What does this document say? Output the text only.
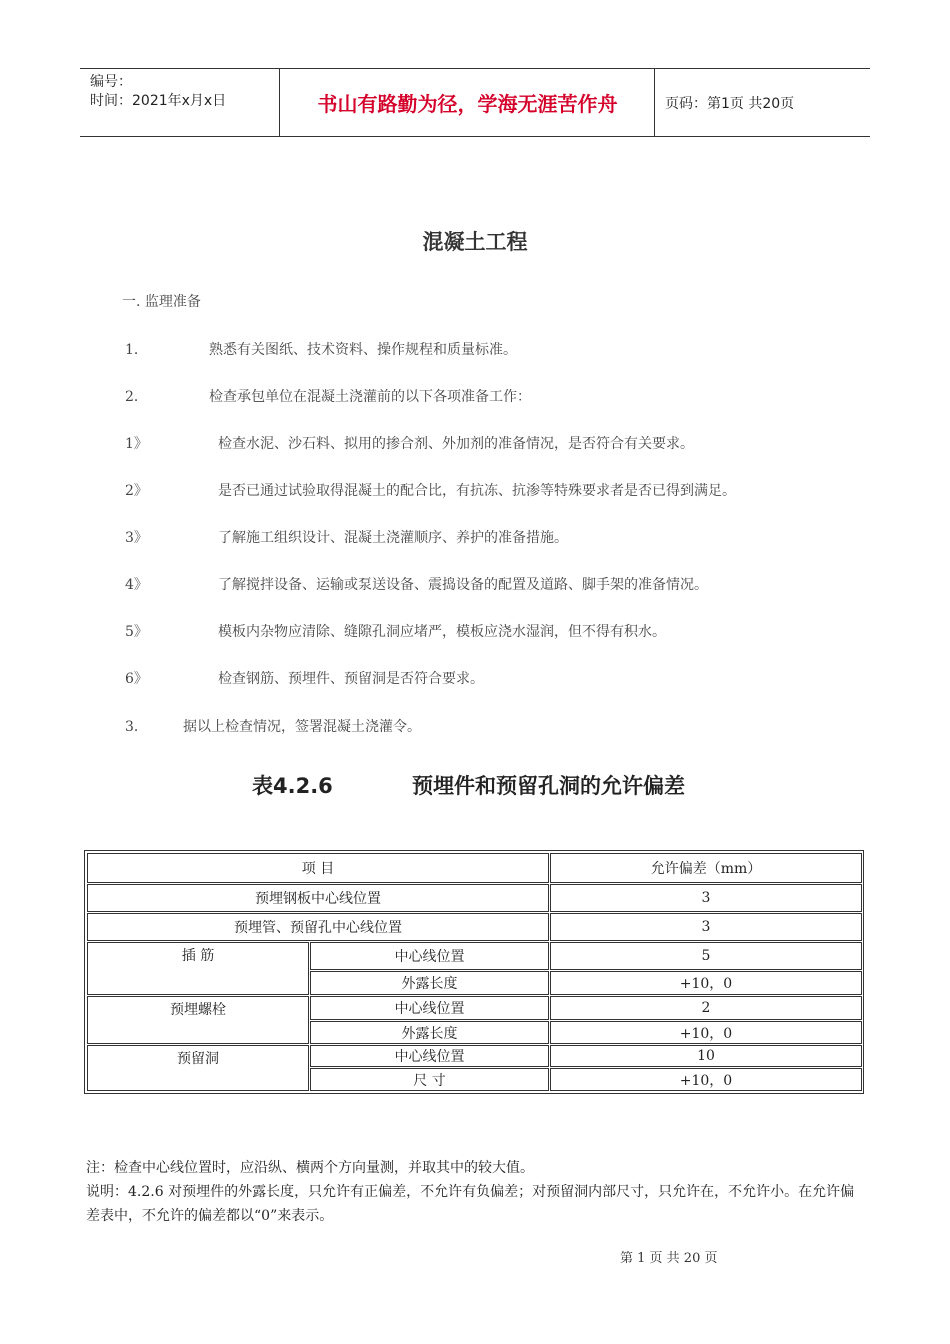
编号：
时间：2021年x月x日	书山有路勤为径，学海无涯苦作舟	页码：第1页 共20页
混凝土工程
一. 监理准备
1．	熟悉有关图纸、技术资料、操作规程和质量标准。
2．	检查承包单位在混凝土浇灌前的以下各项准备工作：
1》	检查水泥、沙石料、拟用的掺合剂、外加剂的准备情况，是否符合有关要求。
2》	是否已通过试验取得混凝土的配合比，有抗冻、抗渗等特殊要求者是否已得到满足。
3》	了解施工组织设计、混凝土浇灌顺序、养护的准备措施。
4》	了解搅拌设备、运输或泵送设备、震捣设备的配置及道路、脚手架的准备情况。
5》	模板内杂物应清除、缝隙孔洞应堵严，模板应浇水湿润，但不得有积水。
6》	检查钢筋、预埋件、预留洞是否符合要求。
3．	据以上检查情况，签署混凝土浇灌令。
表4.2.6	预埋件和预留孔洞的允许偏差
项 目	允许偏差（mm）
预埋钢板中心线位置	3
预埋管、预留孔中心线位置	3
插 筋	中心线位置	5
外露长度	+10，0
预埋螺栓	中心线位置	2
外露长度	+10，0
预留洞	中心线位置	10
尺 寸	+10，0
注：检查中心线位置时，应沿纵、横两个方向量测，并取其中的较大值。
说明：4.2.6 对预埋件的外露长度，只允许有正偏差，不允许有负偏差；对预留洞内部尺寸，只允许在，不允许小。在允许偏差表中，不允许的偏差都以“0”来表示。
第 1 页 共 20 页
